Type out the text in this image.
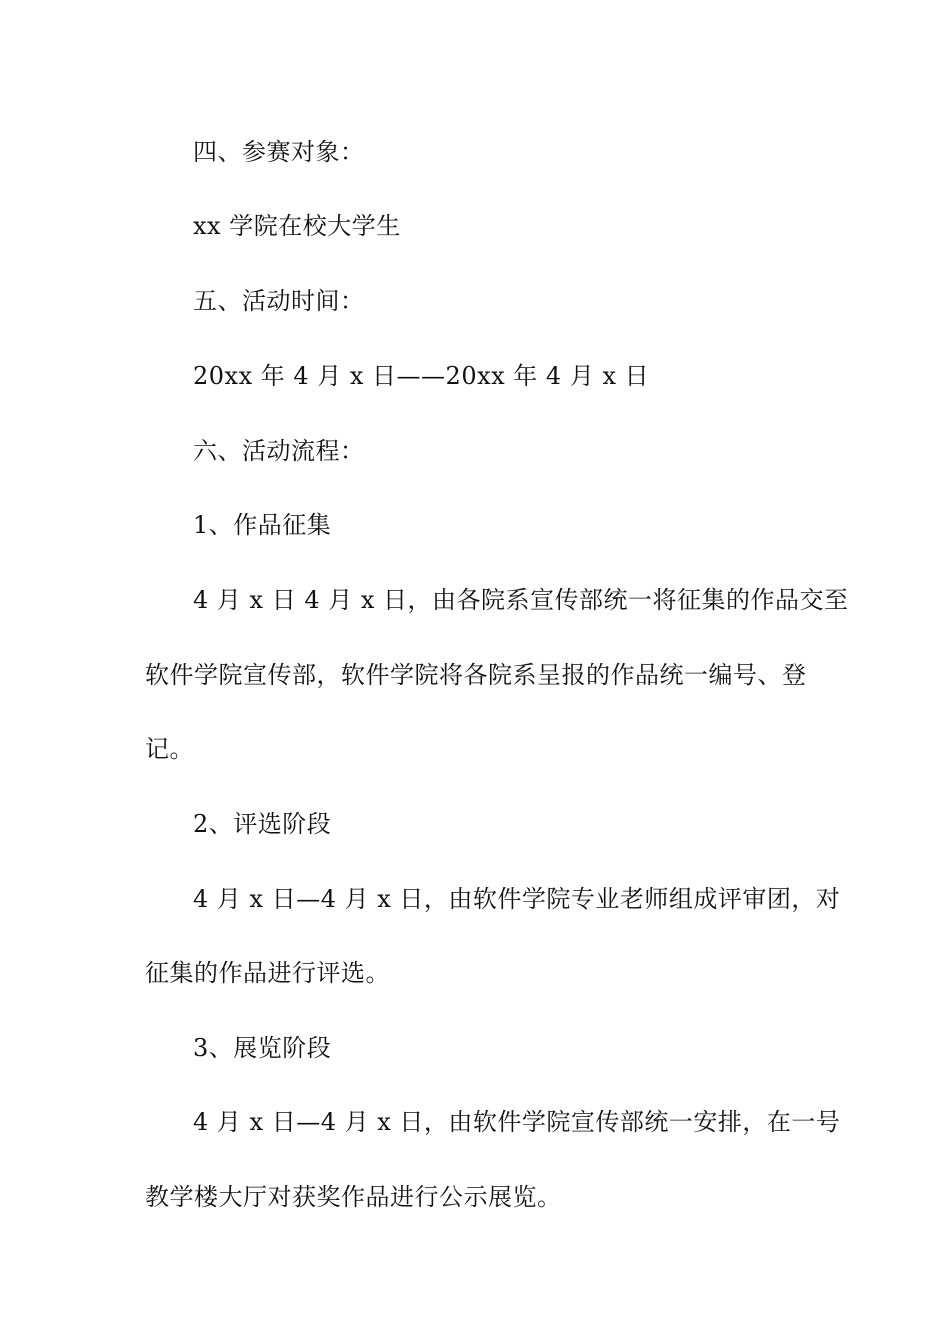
四、参赛对象：
xx 学院在校大学生
五、活动时间：
20xx 年 4 月 x 日——20xx 年 4 月 x 日
六、活动流程：
1、作品征集
4 月 x 日 4 月 x 日，由各院系宣传部统一将征集的作品交至
软件学院宣传部，软件学院将各院系呈报的作品统一编号、登
记。
2、评选阶段
4 月 x 日—4 月 x 日，由软件学院专业老师组成评审团，对
征集的作品进行评选。
3、展览阶段
4 月 x 日—4 月 x 日，由软件学院宣传部统一安排，在一号
教学楼大厅对获奖作品进行公示展览。
